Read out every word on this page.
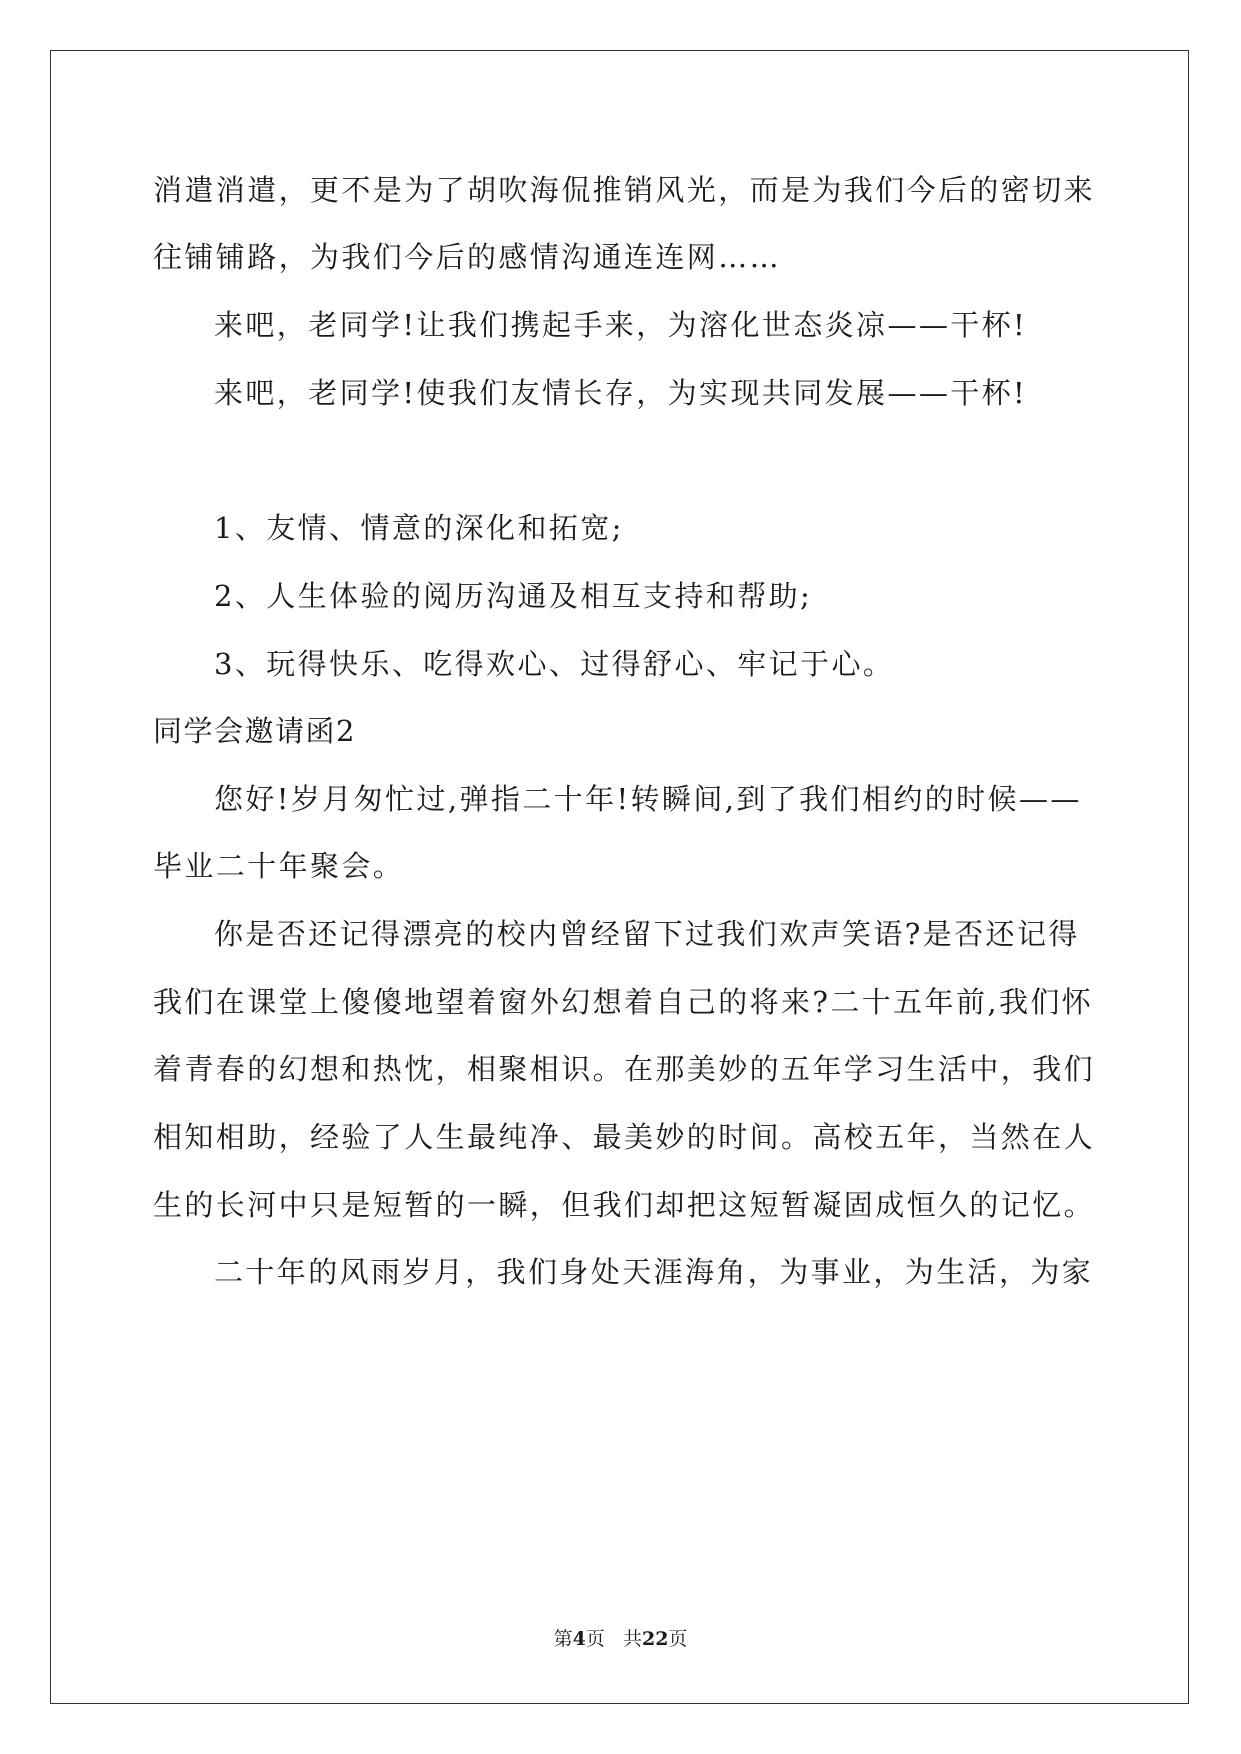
消遣消遣，更不是为了胡吹海侃推销风光，而是为我们今后的密切来
往铺铺路，为我们今后的感情沟通连连网……
来吧，老同学!让我们携起手来，为溶化世态炎凉——干杯!
来吧，老同学!使我们友情长存，为实现共同发展——干杯!
1、友情、情意的深化和拓宽;
2、人生体验的阅历沟通及相互支持和帮助;
3、玩得快乐、吃得欢心、过得舒心、牢记于心。
同学会邀请函2
您好!岁月匆忙过,弹指二十年!转瞬间,到了我们相约的时候——
毕业二十年聚会。
你是否还记得漂亮的校内曾经留下过我们欢声笑语?是否还记得
我们在课堂上傻傻地望着窗外幻想着自己的将来?二十五年前,我们怀
着青春的幻想和热忱，相聚相识。在那美妙的五年学习生活中，我们
相知相助，经验了人生最纯净、最美妙的时间。高校五年，当然在人
生的长河中只是短暂的一瞬，但我们却把这短暂凝固成恒久的记忆。
二十年的风雨岁月，我们身处天涯海角，为事业，为生活，为家
第4页 共22页
